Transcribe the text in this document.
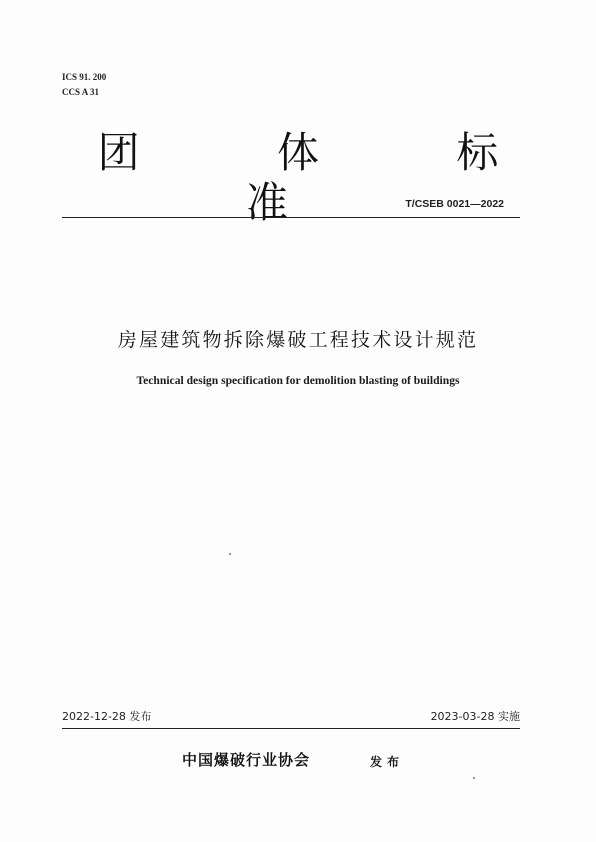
ICS 91. 200
CCS A 31
团 体 标 准	T/CSEB 0021—2022
房屋建筑物拆除爆破工程技术设计规范
Technical design specification for demolition blasting of buildings
2022-12-28 发布	2023-03-28 实施
中国爆破行业协会	发布
